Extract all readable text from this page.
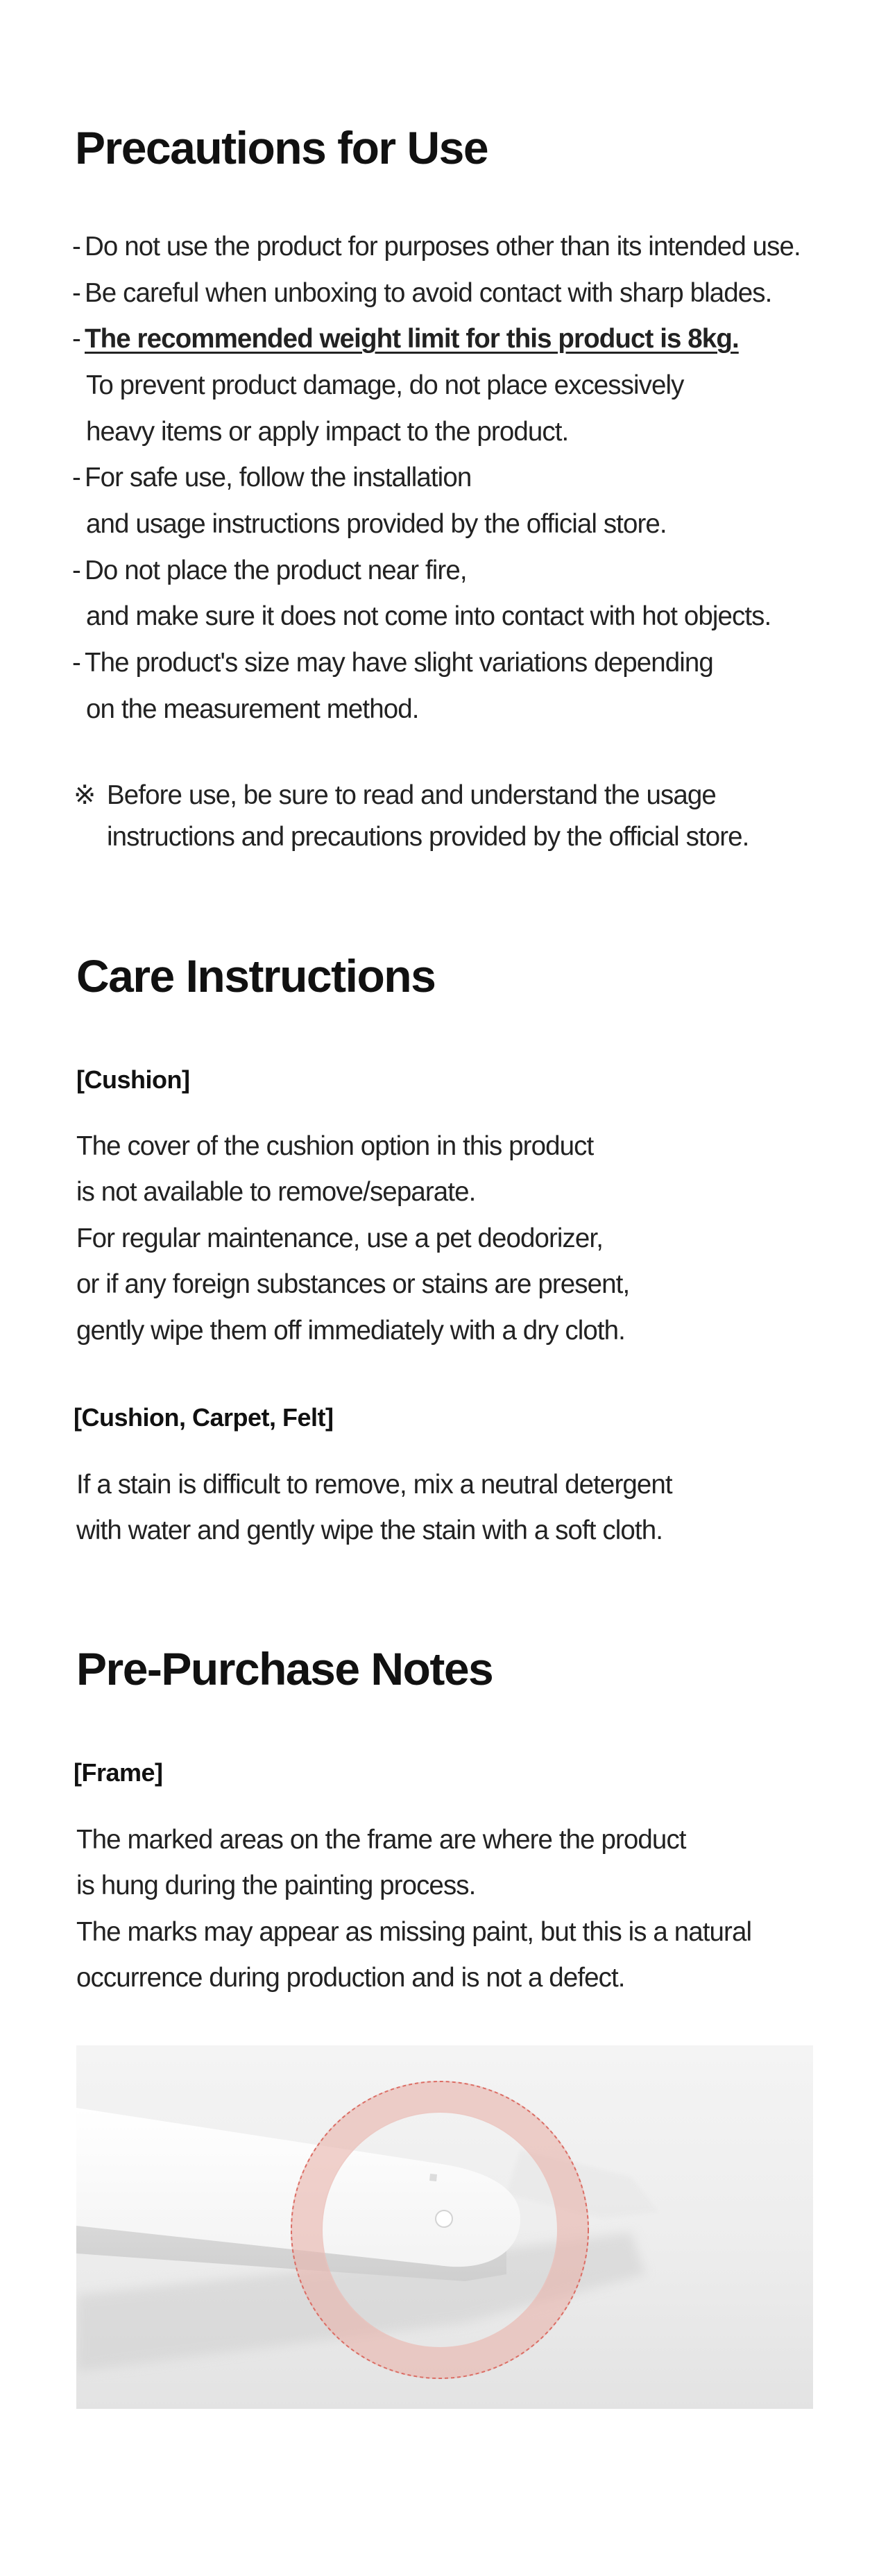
Precautions for Use

- Do not use the product for purposes other than its intended use.

- Be careful when unboxing to avoid contact with sharp blades.

- The recommended weight limit for this product is 8kg.

To prevent product damage, do not place excessively

heavy items or apply impact to the product.

- For safe use, follow the installation

and usage instructions provided by the official store.

- Do not place the product near fire,

and make sure it does not come into contact with hot objects.

- The product's size may have slight variations depending

on the measurement method.

※ Before use, be sure to read and understand the usage

instructions and precautions provided by the official store.

Care Instructions
[Cushion]

The cover of the cushion option in this product

is not available to remove/separate.

For regular maintenance, use a pet deodorizer,

or if any foreign substances or stains are present,

gently wipe them off immediately with a dry cloth.

[Cushion, Carpet, Felt]

If a stain is difficult to remove, mix a neutral detergent

with water and gently wipe the stain with a soft cloth.

Pre-Purchase Notes
[Frame]

The marked areas on the frame are where the product

is hung during the painting process.

The marks may appear as missing paint, but this is a natural

occurrence during production and is not a defect.
